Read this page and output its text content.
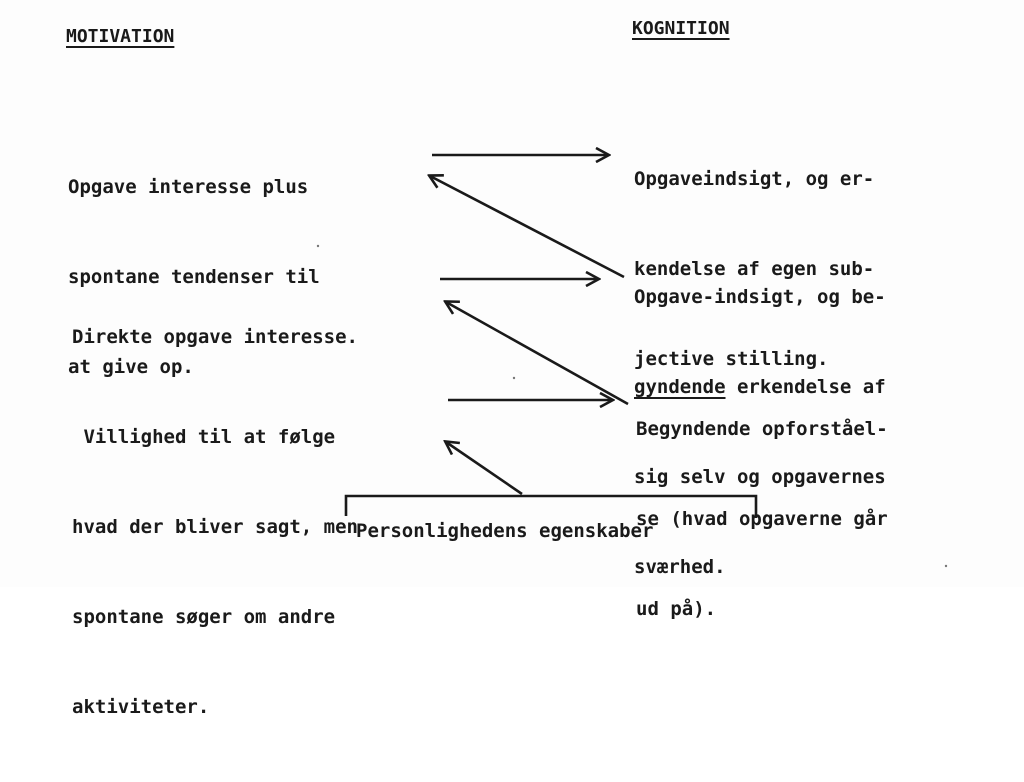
MOTIVATION	KOGNITION

Opgave interesse plus

spontane tendenser til

at give op.

Direkte opgave interesse.

Villighed til at følge

hvad der bliver sagt, men

spontane søger om andre

aktiviteter.

Opgaveindsigt, og er-

kendelse af egen sub-

jective stilling.

Opgave-indsigt, og be-

gyndende erkendelse af

sig selv og opgavernes

sværhed.

Begyndende opforståel-

se (hvad opgaverne går

ud på).

Personlighedens egenskaber
